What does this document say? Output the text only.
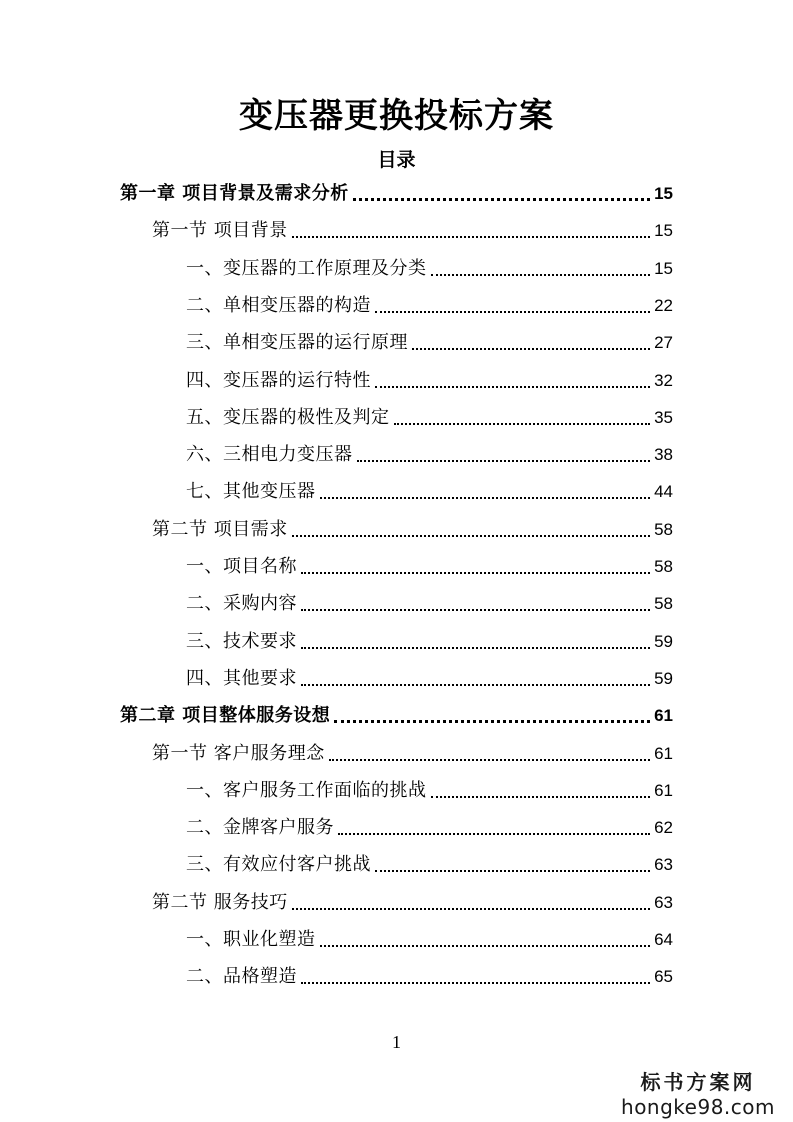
变压器更换投标方案
目录
第一章 项目背景及需求分析	15
第一节 项目背景	15
一、变压器的工作原理及分类	15
二、单相变压器的构造	22
三、单相变压器的运行原理	27
四、变压器的运行特性	32
五、变压器的极性及判定	35
六、三相电力变压器	38
七、其他变压器	44
第二节 项目需求	58
一、项目名称	58
二、采购内容	58
三、技术要求	59
四、其他要求	59
第二章 项目整体服务设想	61
第一节 客户服务理念	61
一、客户服务工作面临的挑战	61
二、金牌客户服务	62
三、有效应付客户挑战	63
第二节 服务技巧	63
一、职业化塑造	64
二、品格塑造	65
1
标书方案网
hongke98.com
